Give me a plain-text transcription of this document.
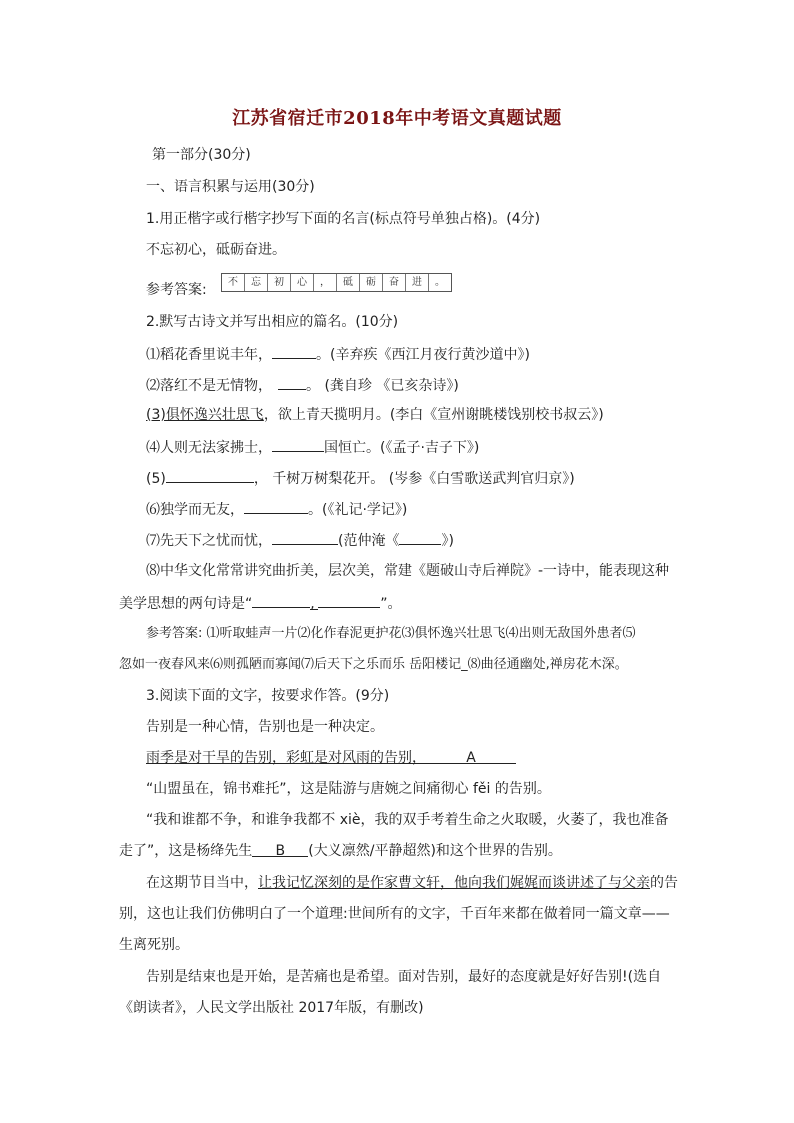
江苏省宿迁市2018年中考语文真题试题
第一部分(30分)
一、语言积累与运用(30分)
1.用正楷字或行楷字抄写下面的名言(标点符号单独占格)。(4分)
不忘初心，砥砺奋进。
参考答案:	不	忘	初	心	，	砥	砺	奋	进	。
2.默写古诗文并写出相应的篇名。(10分)
⑴稻花香里说丰年，	。(辛弃疾《西江月夜行黄沙道中》)
⑵落红不是无情物， 。 (龚自珍 《已亥杂诗》)
(3)俱怀逸兴壮思飞，欲上青天揽明月。(李白《宣州谢眺楼饯别校书叔云》)
⑷人则无法家拂士，	国恒亡。(《孟子·吉子下》)
(5)	， 千树万树梨花开。 (岑参《白雪歌送武判官归京》)
⑹独学而无友，	。(《礼记·学记》)
⑺先天下之忧而忧，	(范仲淹《	》)
⑻中华文化常常讲究曲折美，层次美，常建《题破山寺后禅院》-一诗中，能表现这种
美学思想的两句诗是“	,	”。
参考答案: ⑴听取蛙声一片⑵化作春泥更护花⑶俱怀逸兴壮思飞⑷出则无敌国外患者⑸
忽如一夜春风来⑹则孤陋而寡闻⑺后天下之乐而乐 岳阳楼记_⑻曲径通幽处,禅房花木深。
3.阅读下面的文字，按要求作答。(9分)
告别是一种心情，告别也是一种决定。
雨季是对干旱的告别，彩虹是对风雨的告别，	A
“山盟虽在，锦书难托”，这是陆游与唐婉之间痛彻心 fěi 的告别。
“我和谁都不争，和谁争我都不 xiè，我的双手考着生命之火取暖，火萎了，我也准备
走了”，这是杨绛先生 B (大义凛然/平静超然)和这个世界的告别。
在这期节目当中，让我记忆深刻的是作家曹文轩，他向我们娓娓而谈讲述了与父亲的告
别，这也让我们仿佛明白了一个道理:世间所有的文字，千百年来都在做着同一篇文章——
生离死别。
告别是结束也是开始，是苦痛也是希望。面对告别，最好的态度就是好好告别!(选自
《朗读者》，人民文学出版社 2017年版，有删改)
